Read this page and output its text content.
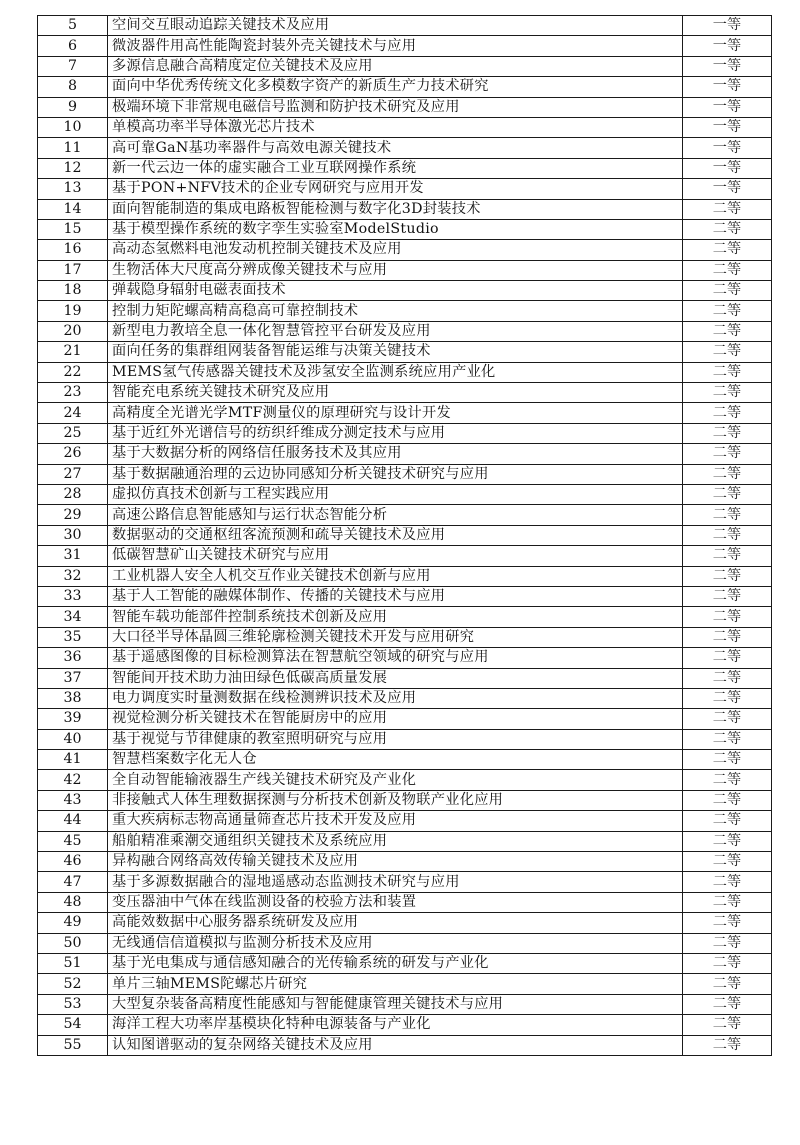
5	空间交互眼动追踪关键技术及应用	一等
6	微波器件用高性能陶瓷封装外壳关键技术与应用	一等
7	多源信息融合高精度定位关键技术及应用	一等
8	面向中华优秀传统文化多模数字资产的新质生产力技术研究	一等
9	极端环境下非常规电磁信号监测和防护技术研究及应用	一等
10	单模高功率半导体激光芯片技术	一等
11	高可靠GaN基功率器件与高效电源关键技术	一等
12	新一代云边一体的虚实融合工业互联网操作系统	一等
13	基于PON+NFV技术的企业专网研究与应用开发	一等
14	面向智能制造的集成电路板智能检测与数字化3D封装技术	二等
15	基于模型操作系统的数字孪生实验室ModelStudio	二等
16	高动态氢燃料电池发动机控制关键技术及应用	二等
17	生物活体大尺度高分辨成像关键技术与应用	二等
18	弹载隐身辐射电磁表面技术	二等
19	控制力矩陀螺高精高稳高可靠控制技术	二等
20	新型电力教培全息一体化智慧管控平台研发及应用	二等
21	面向任务的集群组网装备智能运维与决策关键技术	二等
22	MEMS氢气传感器关键技术及涉氢安全监测系统应用产业化	二等
23	智能充电系统关键技术研究及应用	二等
24	高精度全光谱光学MTF测量仪的原理研究与设计开发	二等
25	基于近红外光谱信号的纺织纤维成分测定技术与应用	二等
26	基于大数据分析的网络信任服务技术及其应用	二等
27	基于数据融通治理的云边协同感知分析关键技术研究与应用	二等
28	虚拟仿真技术创新与工程实践应用	二等
29	高速公路信息智能感知与运行状态智能分析	二等
30	数据驱动的交通枢纽客流预测和疏导关键技术及应用	二等
31	低碳智慧矿山关键技术研究与应用	二等
32	工业机器人安全人机交互作业关键技术创新与应用	二等
33	基于人工智能的融媒体制作、传播的关键技术与应用	二等
34	智能车载功能部件控制系统技术创新及应用	二等
35	大口径半导体晶圆三维轮廓检测关键技术开发与应用研究	二等
36	基于遥感图像的目标检测算法在智慧航空领域的研究与应用	二等
37	智能间开技术助力油田绿色低碳高质量发展	二等
38	电力调度实时量测数据在线检测辨识技术及应用	二等
39	视觉检测分析关键技术在智能厨房中的应用	二等
40	基于视觉与节律健康的教室照明研究与应用	二等
41	智慧档案数字化无人仓	二等
42	全自动智能输液器生产线关键技术研究及产业化	二等
43	非接触式人体生理数据探测与分析技术创新及物联产业化应用	二等
44	重大疾病标志物高通量筛查芯片技术开发及应用	二等
45	船舶精准乘潮交通组织关键技术及系统应用	二等
46	异构融合网络高效传输关键技术及应用	二等
47	基于多源数据融合的湿地遥感动态监测技术研究与应用	二等
48	变压器油中气体在线监测设备的校验方法和装置	二等
49	高能效数据中心服务器系统研发及应用	二等
50	无线通信信道模拟与监测分析技术及应用	二等
51	基于光电集成与通信感知融合的光传输系统的研发与产业化	二等
52	单片三轴MEMS陀螺芯片研究	二等
53	大型复杂装备高精度性能感知与智能健康管理关键技术与应用	二等
54	海洋工程大功率岸基模块化特种电源装备与产业化	二等
55	认知图谱驱动的复杂网络关键技术及应用	二等
